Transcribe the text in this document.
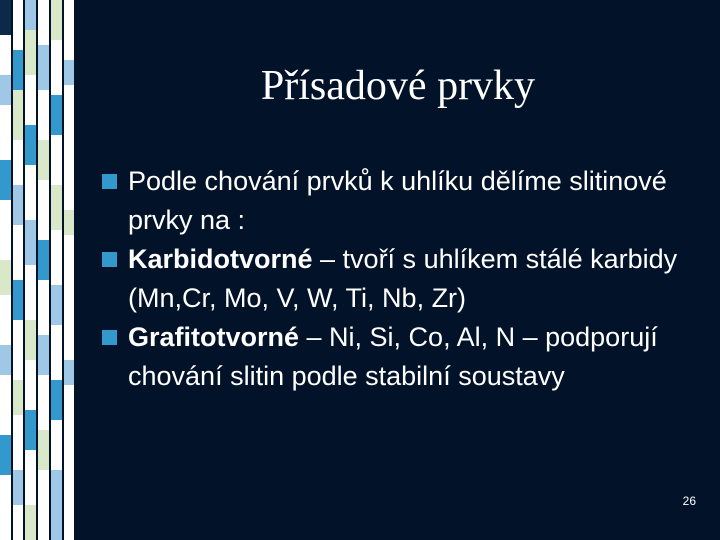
Přísadové prvky
Podle chování prvků k uhlíku dělíme slitinové prvky na :
Karbidotvorné – tvoří s uhlíkem stálé karbidy (Mn,Cr, Mo, V, W, Ti, Nb, Zr)
Grafitotvorné – Ni, Si, Co, Al, N – podporují chování slitin podle stabilní soustavy
26
